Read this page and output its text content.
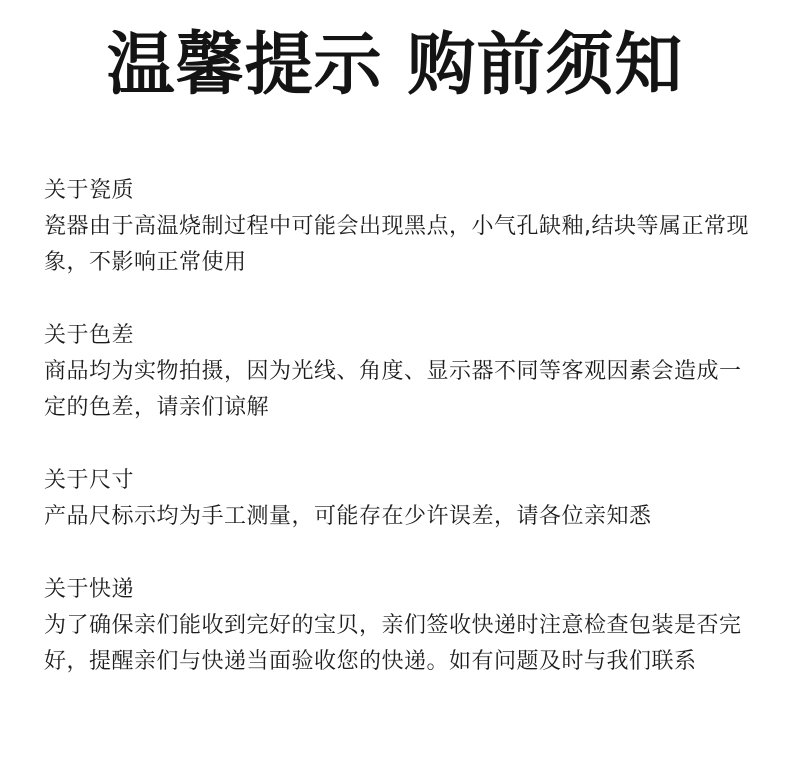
温馨提示 购前须知

关于瓷质

瓷器由于高温烧制过程中可能会出现黑点，小气孔缺釉,结块等属正常现象，不影响正常使用

关于色差

商品均为实物拍摄，因为光线、角度、显示器不同等客观因素会造成一定的色差，请亲们谅解

关于尺寸

产品尺标示均为手工测量，可能存在少许误差，请各位亲知悉

关于快递

为了确保亲们能收到完好的宝贝，亲们签收快递时注意检查包装是否完好，提醒亲们与快递当面验收您的快递。如有问题及时与我们联系
